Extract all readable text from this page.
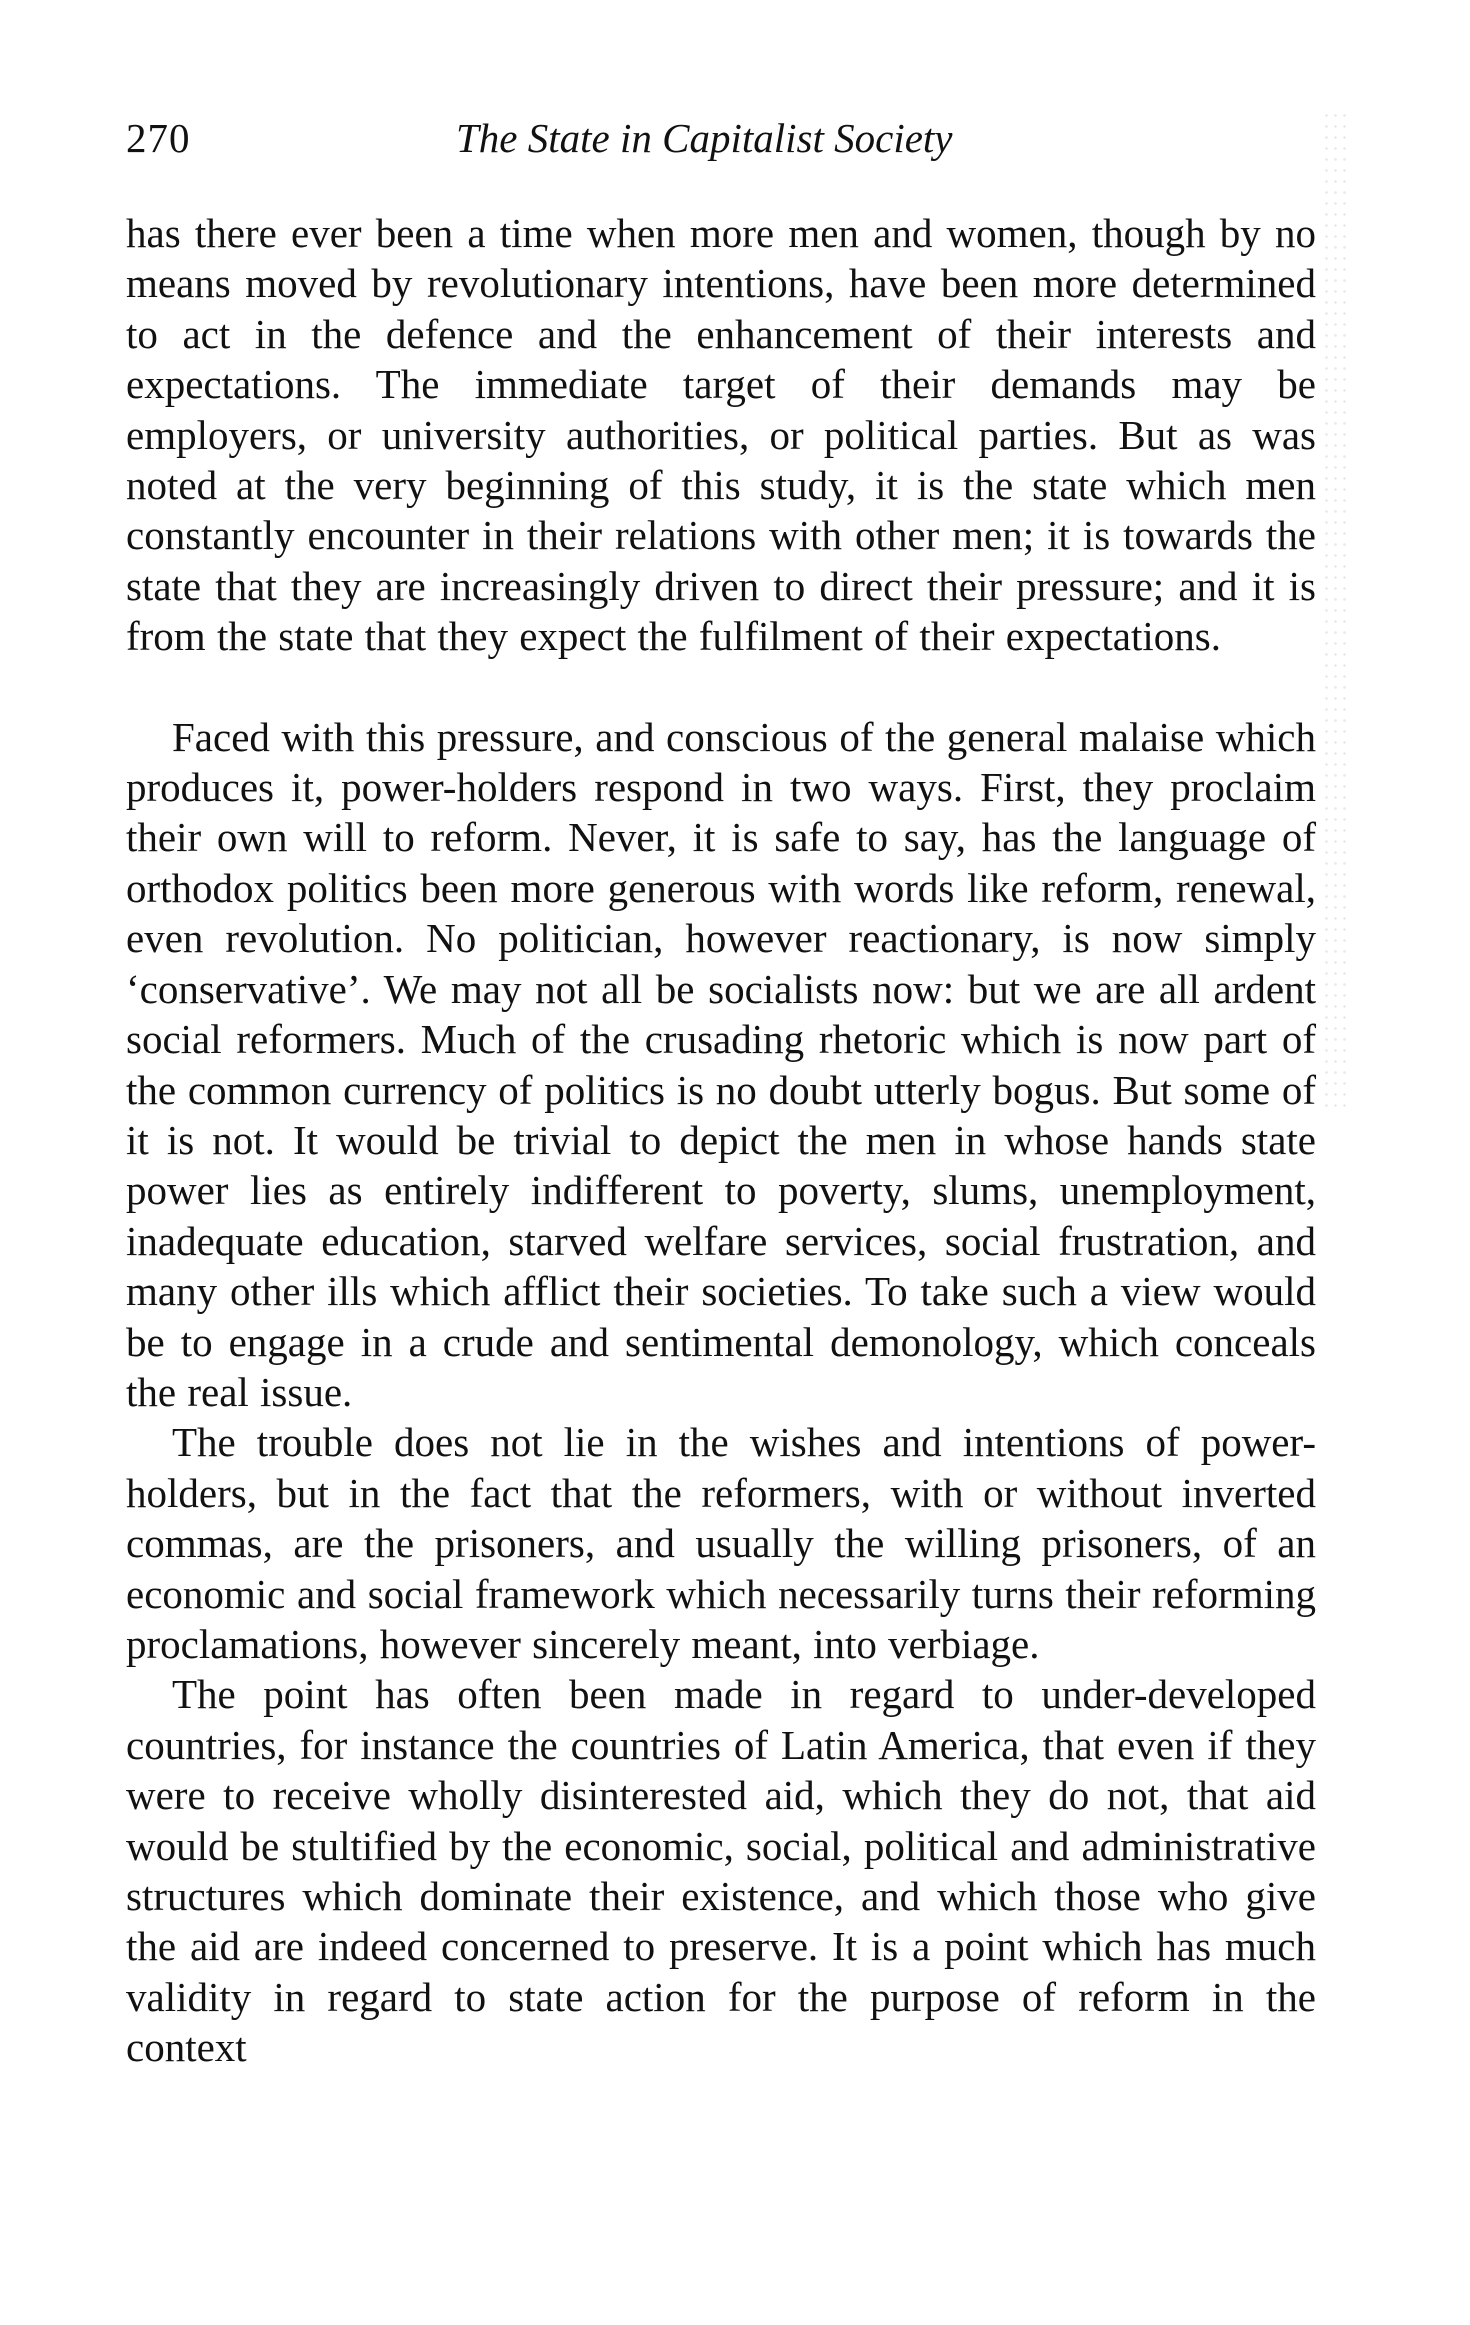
270	The State in Capitalist Society

has there ever been a time when more men and women, though by no means moved by revolutionary intentions, have been more determined to act in the defence and the enhancement of their interests and expectations. The immediate target of their demands may be employers, or university authorities, or political parties. But as was noted at the very beginning of this study, it is the state which men constantly encounter in their relations with other men; it is towards the state that they are increasingly driven to direct their pressure; and it is from the state that they expect the fulfilment of their expectations.

Faced with this pressure, and conscious of the general malaise which produces it, power-holders respond in two ways. First, they proclaim their own will to reform. Never, it is safe to say, has the language of orthodox politics been more generous with words like reform, renewal, even revolution. No politician, however reactionary, is now simply ‘conservative’. We may not all be socialists now: but we are all ardent social reformers. Much of the crusading rhetoric which is now part of the common currency of politics is no doubt utterly bogus. But some of it is not. It would be trivial to depict the men in whose hands state power lies as entirely indifferent to poverty, slums, unemployment, inadequate education, starved welfare services, social frustration, and many other ills which afflict their societies. To take such a view would be to engage in a crude and sentimental demonology, which conceals the real issue.

The trouble does not lie in the wishes and intentions of power-holders, but in the fact that the reformers, with or without inverted commas, are the prisoners, and usually the willing prisoners, of an economic and social framework which necessarily turns their reforming proclamations, however sincerely meant, into verbiage.

The point has often been made in regard to under-developed countries, for instance the countries of Latin America, that even if they were to receive wholly disinterested aid, which they do not, that aid would be stultified by the economic, social, political and administrative structures which dominate their existence, and which those who give the aid are indeed concerned to preserve. It is a point which has much validity in regard to state action for the purpose of reform in the context
